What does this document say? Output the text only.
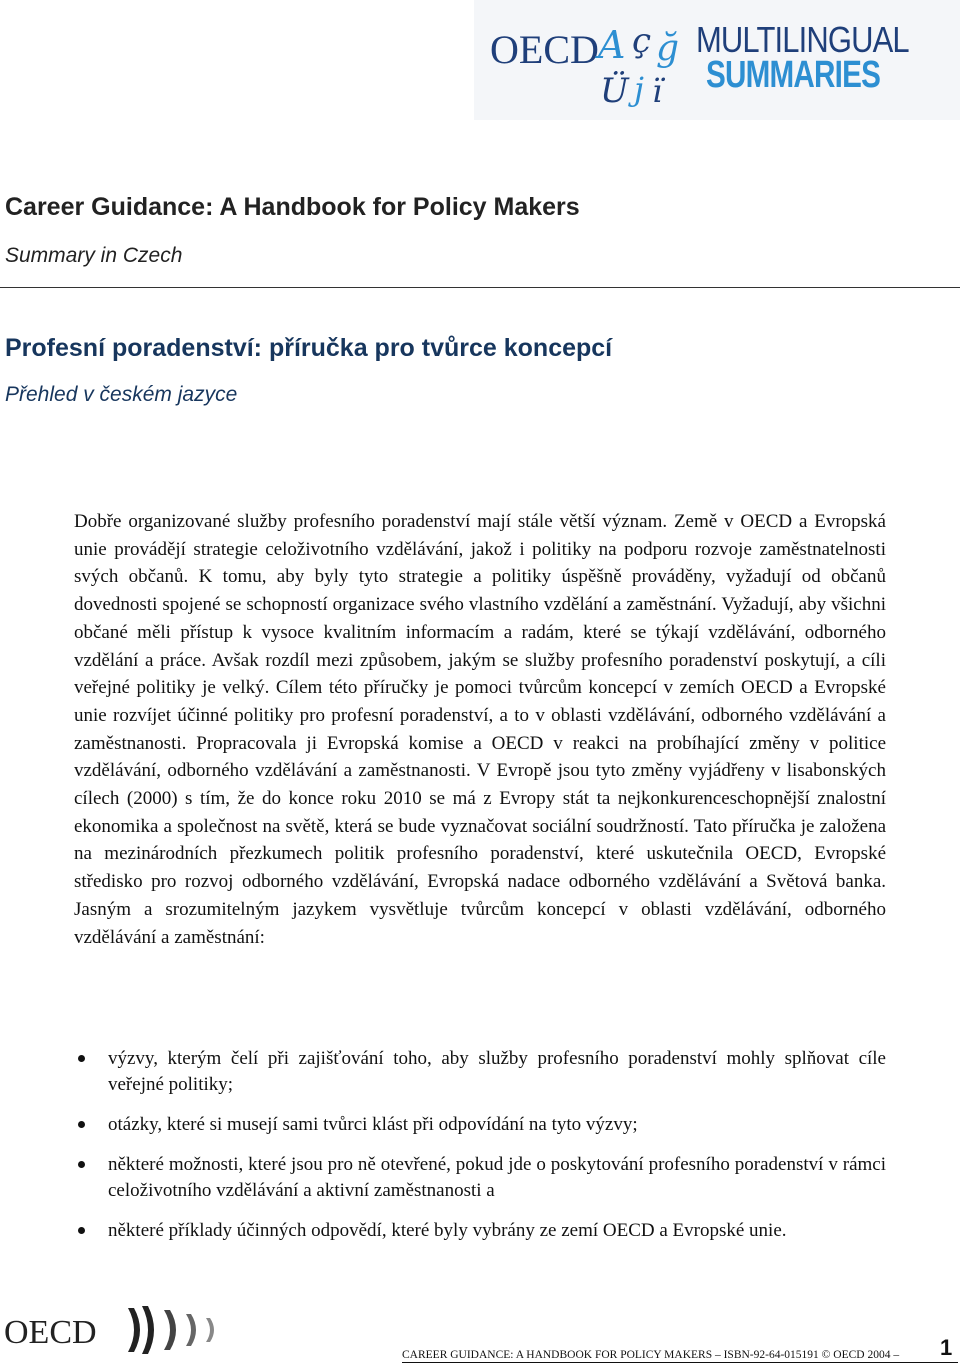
OECD A ç ğ
Ü j ï
MULTILINGUAL
SUMMARIES
Career Guidance: A Handbook for Policy Makers
Summary in Czech
Profesní poradenství: příručka pro tvůrce koncepcí
Přehled v českém jazyce

Dobře organizované služby profesního poradenství mají stále větší význam. Země v OECD a Evropská unie provádějí strategie celoživotního vzdělávání, jakož i politiky na podporu rozvoje zaměstnatelnosti svých občanů. K tomu, aby byly tyto strategie a politiky úspěšně prováděny, vyžadují od občanů dovednosti spojené se schopností organizace svého vlastního vzdělání a zaměstnání. Vyžadují, aby všichni občané měli přístup k vysoce kvalitním informacím a radám, které se týkají vzdělávání, odborného vzdělání a práce. Avšak rozdíl mezi způsobem, jakým se služby profesního poradenství poskytují, a cíli veřejné politiky je velký. Cílem této příručky je pomoci tvůrcům koncepcí v zemích OECD a Evropské unie rozvíjet účinné politiky pro profesní poradenství, a to v oblasti vzdělávání, odborného vzdělávání a zaměstnanosti. Propracovala ji Evropská komise a OECD v reakci na probíhající změny v politice vzdělávání, odborného vzdělávání a zaměstnanosti. V Evropě jsou tyto změny vyjádřeny v lisabonských cílech (2000) s tím, že do konce roku 2010 se má z Evropy stát ta nejkonkurenceschopnější znalostní ekonomika a společnost na světě, která se bude vyznačovat sociální soudržností. Tato příručka je založena na mezinárodních přezkumech politik profesního poradenství, které uskutečnila OECD, Evropské středisko pro rozvoj odborného vzdělávání, Evropská nadace odborného vzdělávání a Světová banka. Jasným a srozumitelným jazykem vysvětluje tvůrcům koncepcí v oblasti vzdělávání, odborného vzdělávání a zaměstnání:

výzvy, kterým čelí při zajišťování toho, aby služby profesního poradenství mohly splňovat cíle veřejné politiky;
otázky, které si musejí sami tvůrci klást při odpovídání na tyto výzvy;
některé možnosti, které jsou pro ně otevřené, pokud jde o poskytování profesního poradenství v rámci celoživotního vzdělávání a aktivní zaměstnanosti a
některé příklady účinných odpovědí, které byly vybrány ze zemí OECD a Evropské unie.
OECD
CAREER GUIDANCE: A HANDBOOK FOR POLICY MAKERS – ISBN-92-64-015191 © OECD 2004 – 1
